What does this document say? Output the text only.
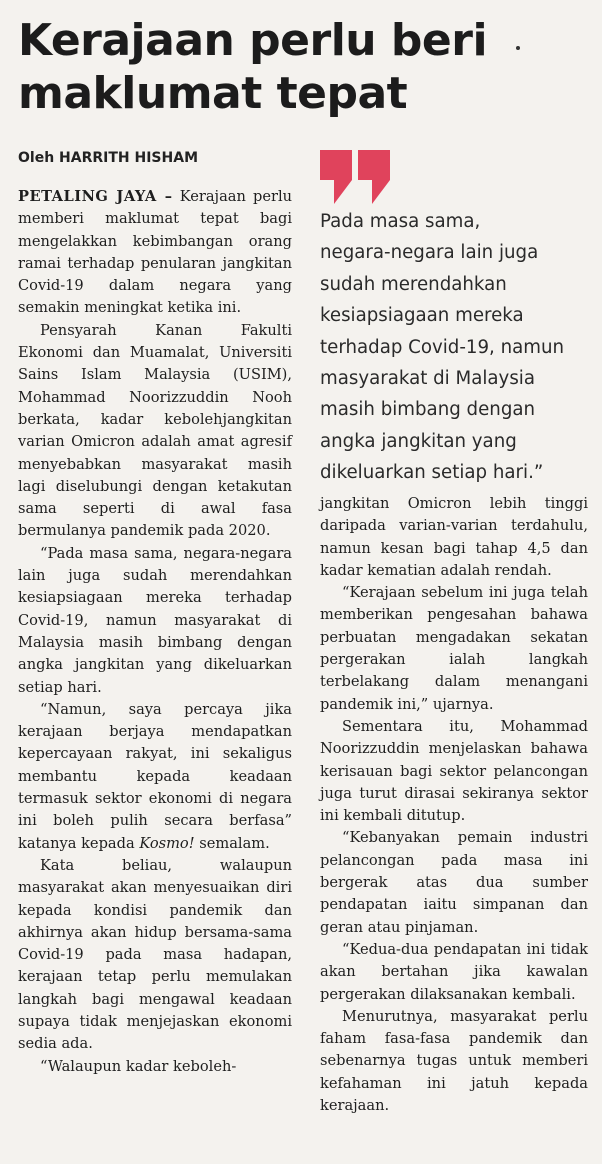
Kerajaan perlu beri
maklumat tepat
Oleh HARRITH HISHAM

PETALING JAYA – Kerajaan perlu memberi maklumat tepat bagi mengelakkan kebimbangan orang ramai terhadap penularan jangkitan Covid-19 dalam negara yang semakin meningkat ketika ini.

Pensyarah Kanan Fakulti Ekonomi dan Muamalat, Universiti Sains Islam Malaysia (USIM), Mohammad Noorizzuddin Nooh berkata, kadar kebolehjangkitan varian Omicron adalah amat agresif menyebabkan masyarakat masih lagi diselubungi dengan ketakutan sama seperti di awal fasa bermulanya pandemik pada 2020.

“Pada masa sama, negara-negara lain juga sudah merendahkan kesiapsiagaan mereka terhadap Covid-19, namun masyarakat di Malaysia masih bimbang dengan angka jangkitan yang dikeluarkan setiap hari.

“Namun, saya percaya jika kerajaan berjaya mendapatkan kepercayaan rakyat, ini sekaligus membantu kepada keadaan termasuk sektor ekonomi di negara ini boleh pulih secara berfasa” katanya kepada Kosmo! semalam.

Kata beliau, walaupun masyarakat akan menyesuaikan diri kepada kondisi pandemik dan akhirnya akan hidup bersama-sama Covid-19 pada masa hadapan, kerajaan tetap perlu memulakan langkah bagi mengawal keadaan supaya tidak menjejaskan ekonomi sedia ada.

“Walaupun kadar keboleh-

Pada masa sama,
negara-negara lain juga
sudah merendahkan
kesiapsiagaan mereka
terhadap Covid-19, namun
masyarakat di Malaysia
masih bimbang dengan
angka jangkitan yang
dikeluarkan setiap hari.”

jangkitan Omicron lebih tinggi daripada varian-varian terdahulu, namun kesan bagi tahap 4,5 dan kadar kematian adalah rendah.

“Kerajaan sebelum ini juga telah memberikan pengesahan bahawa perbuatan mengadakan sekatan pergerakan ialah langkah terbelakang dalam menangani pandemik ini,” ujarnya.

Sementara itu, Mohammad Noorizzuddin menjelaskan bahawa kerisauan bagi sektor pelancongan juga turut dirasai sekiranya sektor ini kembali ditutup.

“Kebanyakan pemain industri pelancongan pada masa ini bergerak atas dua sumber pendapatan iaitu simpanan dan geran atau pinjaman.

“Kedua-dua pendapatan ini tidak akan bertahan jika kawalan pergerakan dilaksanakan kembali.

Menurutnya, masyarakat perlu faham fasa-fasa pandemik dan sebenarnya tugas untuk memberi kefahaman ini jatuh kepada kerajaan.
